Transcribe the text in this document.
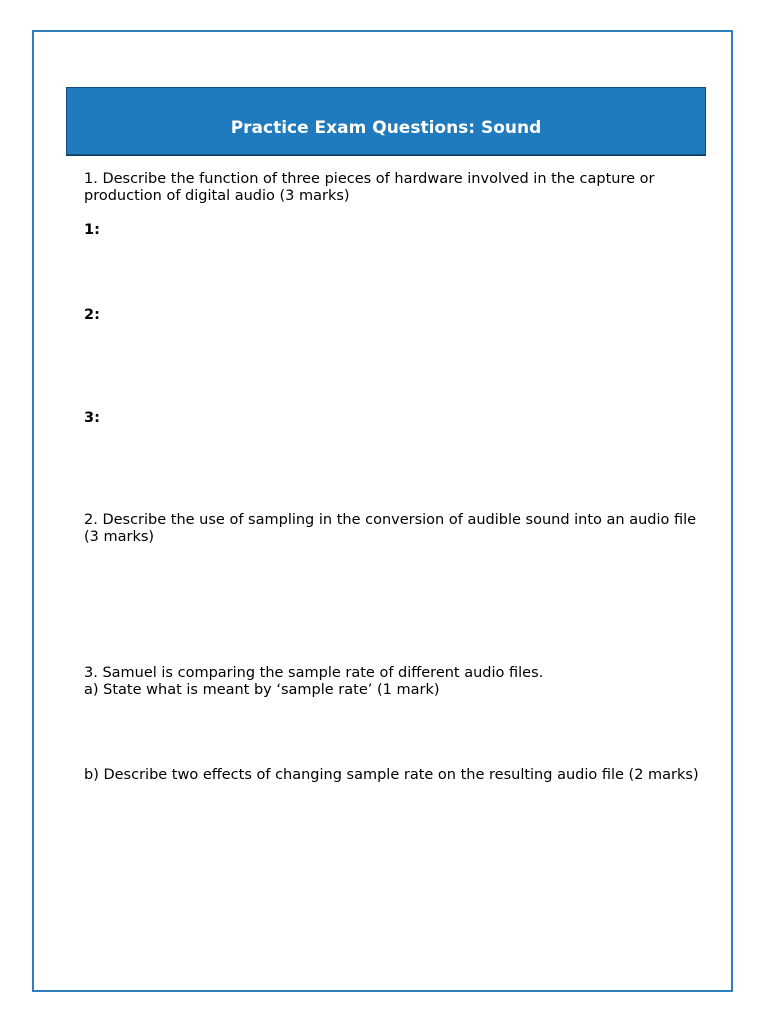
Practice Exam Questions: Sound

1. Describe the function of three pieces of hardware involved in the capture or production of digital audio (3 marks)

1:
2:
3:

2. Describe the use of sampling in the conversion of audible sound into an audio file (3 marks)

3. Samuel is comparing the sample rate of different audio files.

a) State what is meant by ‘sample rate’ (1 mark)

b) Describe two effects of changing sample rate on the resulting audio file (2 marks)
